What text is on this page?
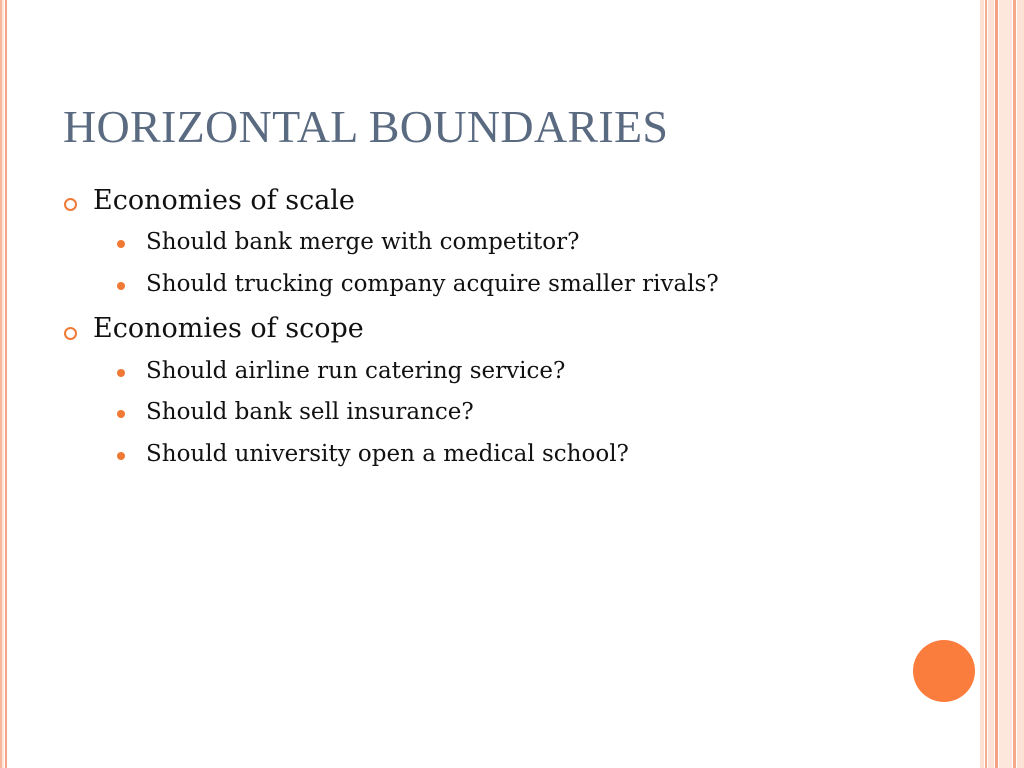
HORIZONTAL BOUNDARIES
Economies of scale
Should bank merge with competitor?
Should trucking company acquire smaller rivals?
Economies of scope
Should airline run catering service?
Should bank sell insurance?
Should university open a medical school?
